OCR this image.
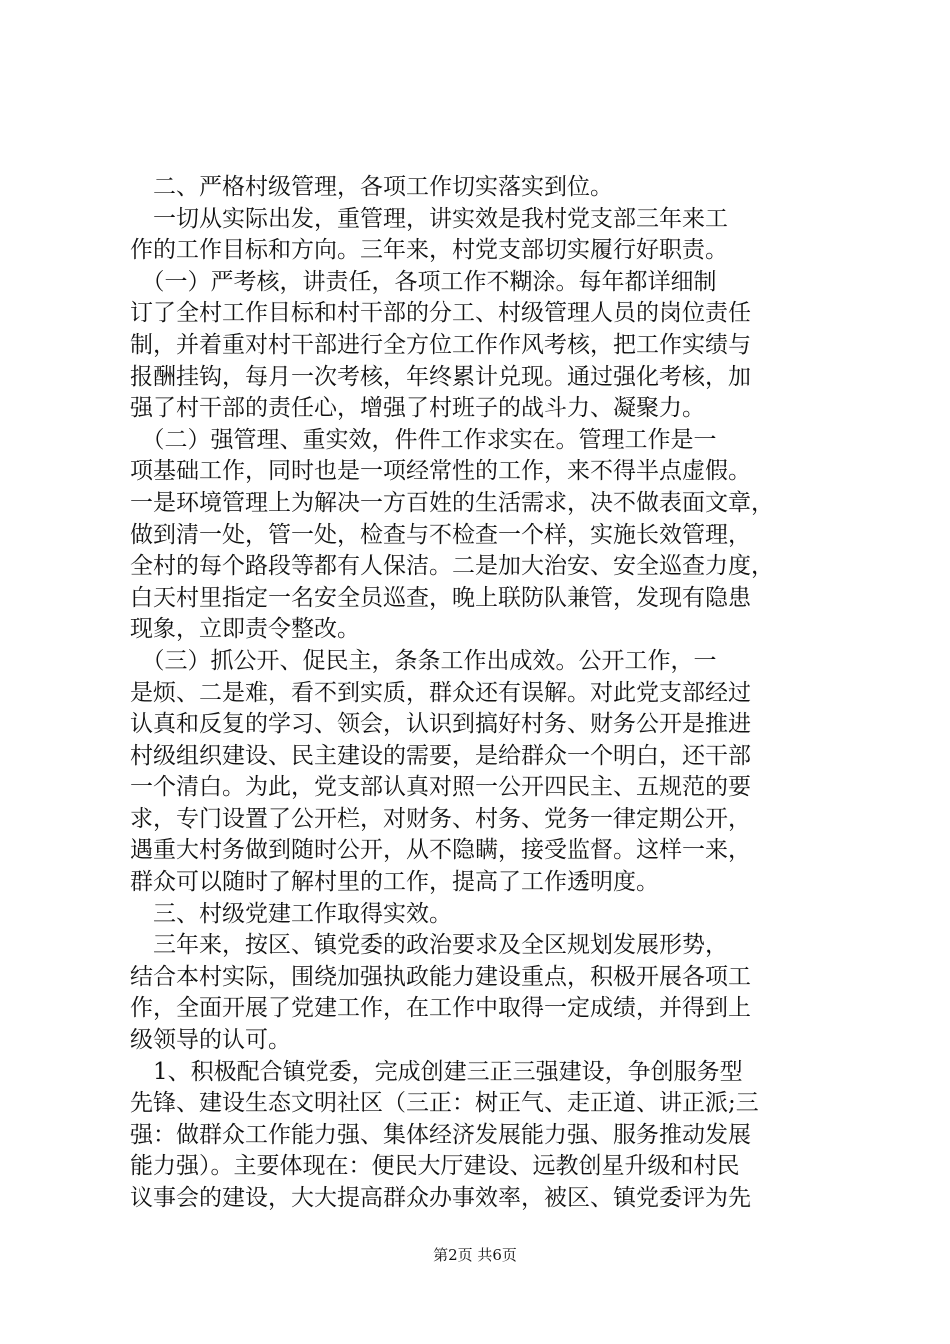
　二、严格村级管理，各项工作切实落实到位。
　一切从实际出发，重管理，讲实效是我村党支部三年来工
作的工作目标和方向。三年来，村党支部切实履行好职责。
　（一）严考核，讲责任，各项工作不糊涂。每年都详细制
订了全村工作目标和村干部的分工、村级管理人员的岗位责任
制，并着重对村干部进行全方位工作作风考核，把工作实绩与
报酬挂钩，每月一次考核，年终累计兑现。通过强化考核，加
强了村干部的责任心，增强了村班子的战斗力、凝聚力。
　（二）强管理、重实效，件件工作求实在。管理工作是一
项基础工作，同时也是一项经常性的工作，来不得半点虚假。
一是环境管理上为解决一方百姓的生活需求，决不做表面文章，
做到清一处，管一处，检查与不检查一个样，实施长效管理，
全村的每个路段等都有人保洁。二是加大治安、安全巡查力度，
白天村里指定一名安全员巡查，晚上联防队兼管，发现有隐患
现象，立即责令整改。
　（三）抓公开、促民主，条条工作出成效。公开工作，一
是烦、二是难，看不到实质，群众还有误解。对此党支部经过
认真和反复的学习、领会，认识到搞好村务、财务公开是推进
村级组织建设、民主建设的需要，是给群众一个明白，还干部
一个清白。为此，党支部认真对照一公开四民主、五规范的要
求，专门设置了公开栏，对财务、村务、党务一律定期公开，
遇重大村务做到随时公开，从不隐瞒，接受监督。这样一来，
群众可以随时了解村里的工作，提高了工作透明度。
　三、村级党建工作取得实效。
　三年来，按区、镇党委的政治要求及全区规划发展形势，
结合本村实际，围绕加强执政能力建设重点，积极开展各项工
作，全面开展了党建工作，在工作中取得一定成绩，并得到上
级领导的认可。
　1、积极配合镇党委，完成创建三正三强建设，争创服务型
先锋、建设生态文明社区（三正：树正气、走正道、讲正派;三
强：做群众工作能力强、集体经济发展能力强、服务推动发展
能力强）。主要体现在：便民大厅建设、远教创星升级和村民
议事会的建设，大大提高群众办事效率，被区、镇党委评为先
第2页 共6页
